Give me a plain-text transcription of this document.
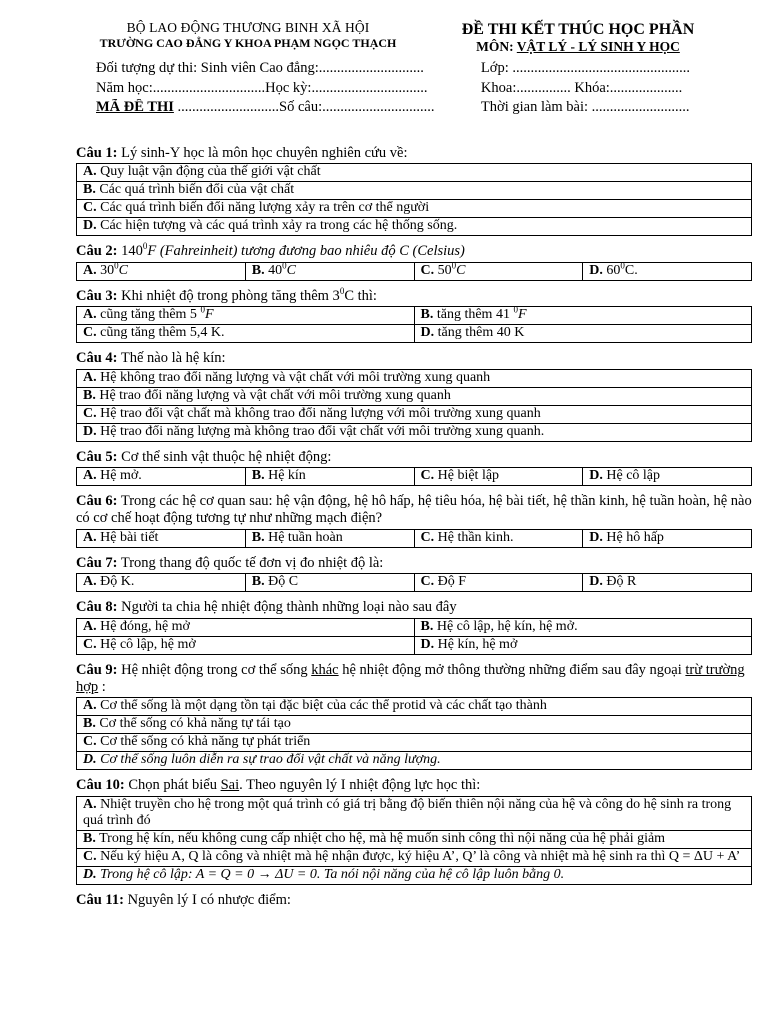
BỘ LAO ĐỘNG THƯƠNG BINH XÃ HỘI
TRƯỜNG CAO ĐẲNG Y KHOA PHẠM NGỌC THẠCH
ĐỀ THI KẾT THÚC HỌC PHẦN
MÔN: VẬT LÝ - LÝ SINH Y HỌC
Đối tượng dự thi: Sinh viên Cao đẳng:.............................	Lớp: .................................................
Năm học:...............................Học kỳ:................................	Khoa:............... Khóa:....................
MÃ ĐỀ THI ............................Số câu:...............................	Thời gian làm bài: ...........................
Câu 1: Lý sinh-Y học là môn học chuyên nghiên cứu về:
A. Quy luật vận động của thế giới vật chất
B. Các quá trình biến đổi của vật chất
C. Các quá trình biến đổi năng lượng xảy ra trên cơ thể người
D. Các hiện tượng và các quá trình xảy ra trong các hệ thống sống.
Câu 2: $140^0F$ (Fahreinheit) tương đương bao nhiêu độ C (Celsius)
A. $30^0C$	B. $40^0C$	C. $50^0C$	D. $60^0C$.
Câu 3: Khi nhiệt độ trong phòng tăng thêm $3^0C$ thì:
A. cũng tăng thêm 5 $^0$F	B. tăng thêm 41 $^0$F
C. cũng tăng thêm 5,4 K.	D. tăng thêm 40 K
Câu 4: Thế nào là hệ kín:
A. Hệ không trao đổi năng lượng và vật chất với môi trường xung quanh
B. Hệ trao đổi năng lượng và vật chất với môi trường xung quanh
C. Hệ trao đổi vật chất mà không trao đổi năng lượng với môi trường xung quanh
D. Hệ trao đổi năng lượng mà không trao đổi vật chất với môi trường xung quanh.
Câu 5: Cơ thể sinh vật thuộc hệ nhiệt động:
A. Hệ mở.	B. Hệ kín	C. Hệ biệt lập	D. Hệ cô lập
Câu 6: Trong các hệ cơ quan sau: hệ vận động, hệ hô hấp, hệ tiêu hóa, hệ bài tiết, hệ thần kinh, hệ tuần hoàn, hệ nào có cơ chế hoạt động tương tự như những mạch điện?
A. Hệ bài tiết	B. Hệ tuần hoàn	C. Hệ thần kinh.	D. Hệ hô hấp
Câu 7: Trong thang độ quốc tế đơn vị đo nhiệt độ là:
A. Độ K.	B. Độ C	C. Độ F	D. Độ R
Câu 8: Người ta chia hệ nhiệt động thành những loại nào sau đây
A. Hệ đóng, hệ mở	B. Hệ cô lập, hệ kín, hệ mở.
C. Hệ cô lập, hệ mở	D. Hệ kín, hệ mở
Câu 9: Hệ nhiệt động trong cơ thể sống khác hệ nhiệt động mở thông thường những điểm sau đây ngoại trừ trường hợp :
A. Cơ thể sống là một dạng tồn tại đặc biệt của các thể protid và các chất tạo thành
B. Cơ thể sống có khả năng tự tái tạo
C. Cơ thể sống có khả năng tự phát triển
D. Cơ thể sống luôn diễn ra sự trao đổi vật chất và năng lượng.
Câu 10: Chọn phát biểu Sai. Theo nguyên lý I nhiệt động lực học thì:
A. Nhiệt truyền cho hệ trong một quá trình có giá trị bằng độ biến thiên nội năng của hệ và công do hệ sinh ra trong quá trình đó
B. Trong hệ kín, nếu không cung cấp nhiệt cho hệ, mà hệ muốn sinh công thì nội năng của hệ phải giảm
C. Nếu ký hiệu A, Q là công và nhiệt mà hệ nhận được, ký hiệu A’, Q’ là công và nhiệt mà hệ sinh ra thì Q = ΔU + A’
D. Trong hệ cô lập: A = Q = 0 → ΔU = 0. Ta nói nội năng của hệ cô lập luôn bằng 0.
Câu 11: Nguyên lý I có nhược điểm:
